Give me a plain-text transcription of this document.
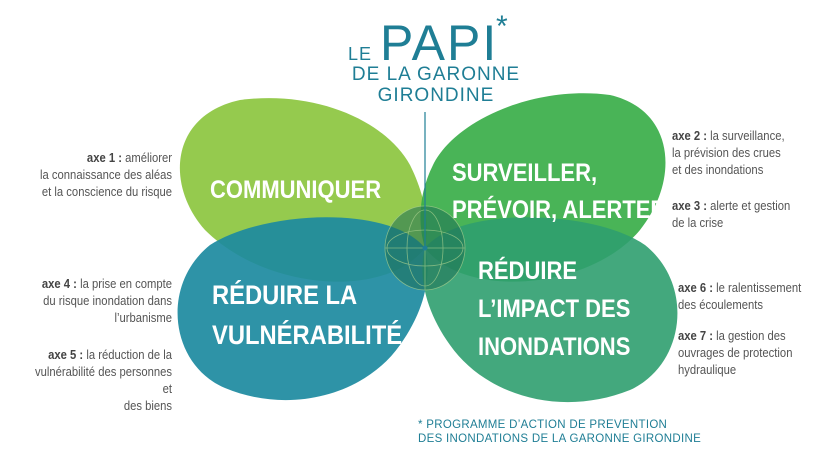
LE PAPI
*
DE LA GARONNE
GIRONDINE
COMMUNIQUER
SURVEILLER,
PRÉVOIR, ALERTER
RÉDUIRE LA
VULNÉRABILITÉ
RÉDUIRE
L’IMPACT DES
INONDATIONS
axe 1 : améliorer
la connaissance des aléas
et la conscience du risque
axe 4 : la prise en compte
du risque inondation dans
l’urbanisme
axe 5 : la réduction de la
vulnérabilité des personnes et
des biens
axe 2 : la surveillance,
la prévision des crues
et des inondations
axe 3 : alerte et gestion
de la crise
axe 6 : le ralentissement
des écoulements
axe 7 : la gestion des
ouvrages de protection
hydraulique
* PROGRAMME D’ACTION DE PREVENTION
DES INONDATIONS DE LA GARONNE GIRONDINE
